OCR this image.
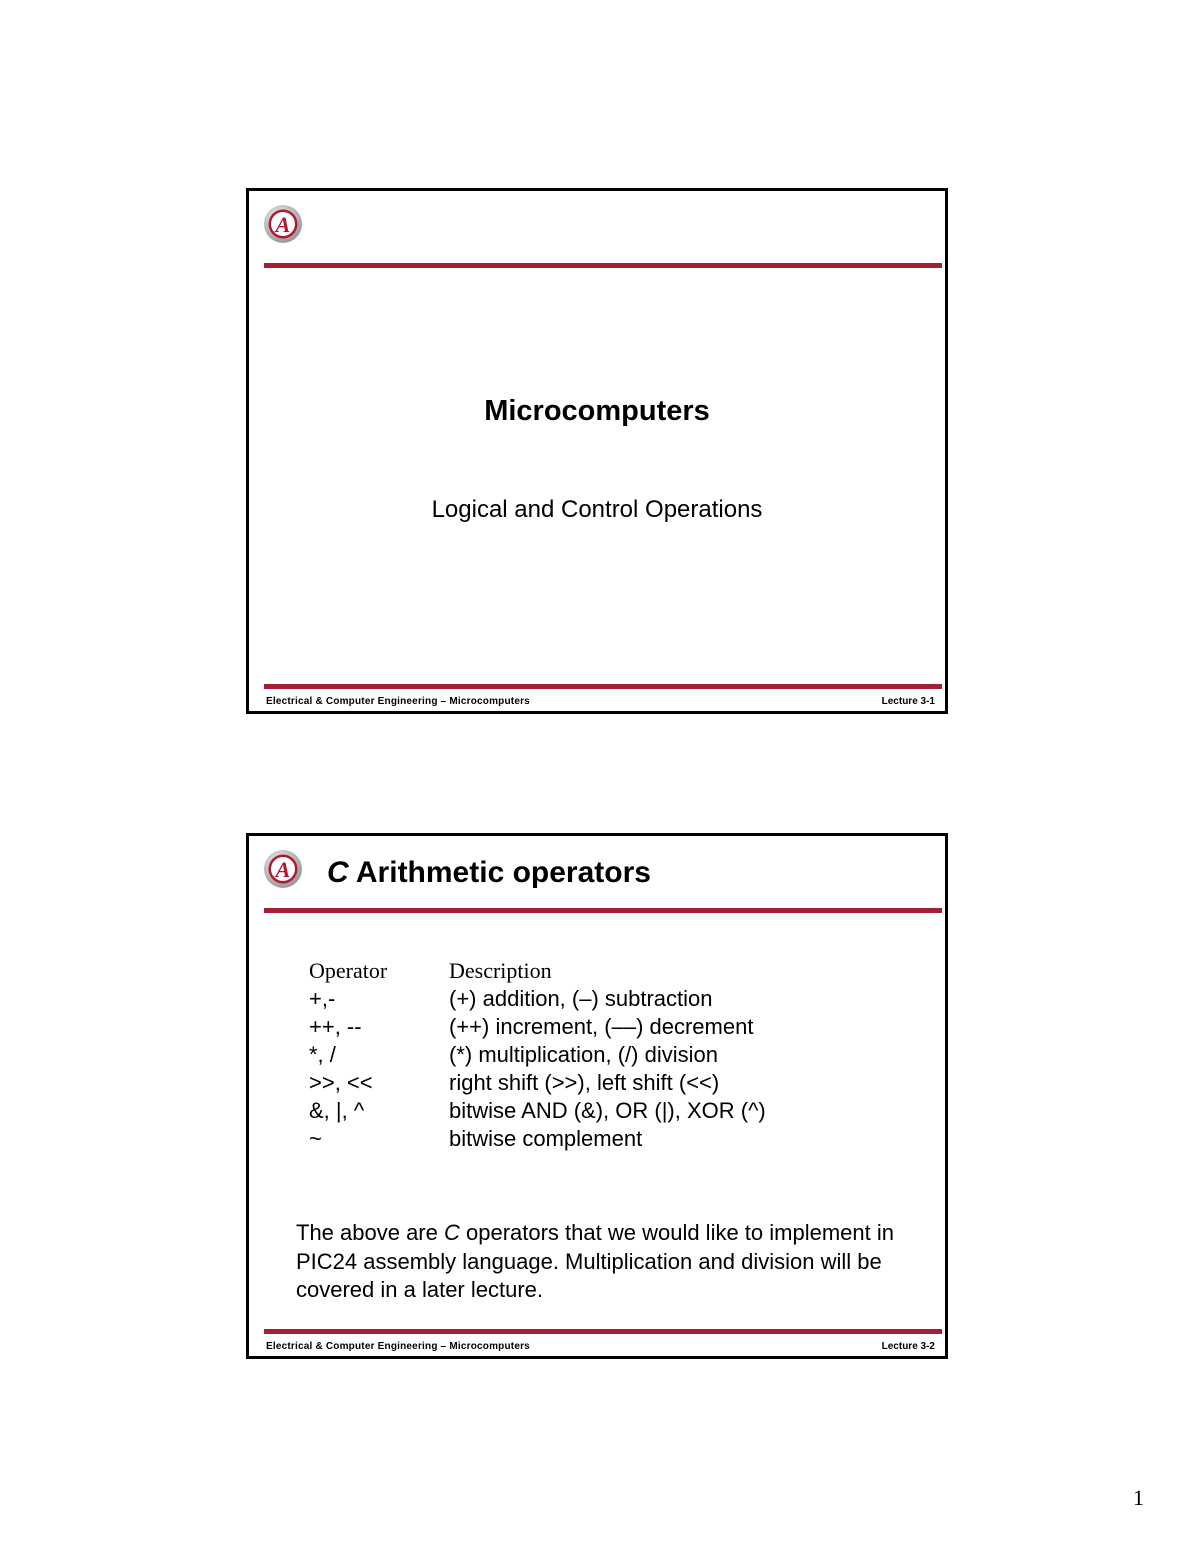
A
Microcomputers
Logical and Control Operations
Electrical & Computer Engineering – Microcomputers	Lecture 3-1
A C Arithmetic operators
Operator	Description
+,-	(+) addition, (–) subtraction
++, --	(++) increment, (––) decrement
*, /	(*) multiplication, (/) division
>>, <<	right shift (>>), left shift (<<)
&, |, ^	bitwise AND (&), OR (|), XOR (^)
~	bitwise complement
The above are C operators that we would like to implement in PIC24 assembly language. Multiplication and division will be covered in a later lecture.
Electrical & Computer Engineering – Microcomputers	Lecture 3-2
1
